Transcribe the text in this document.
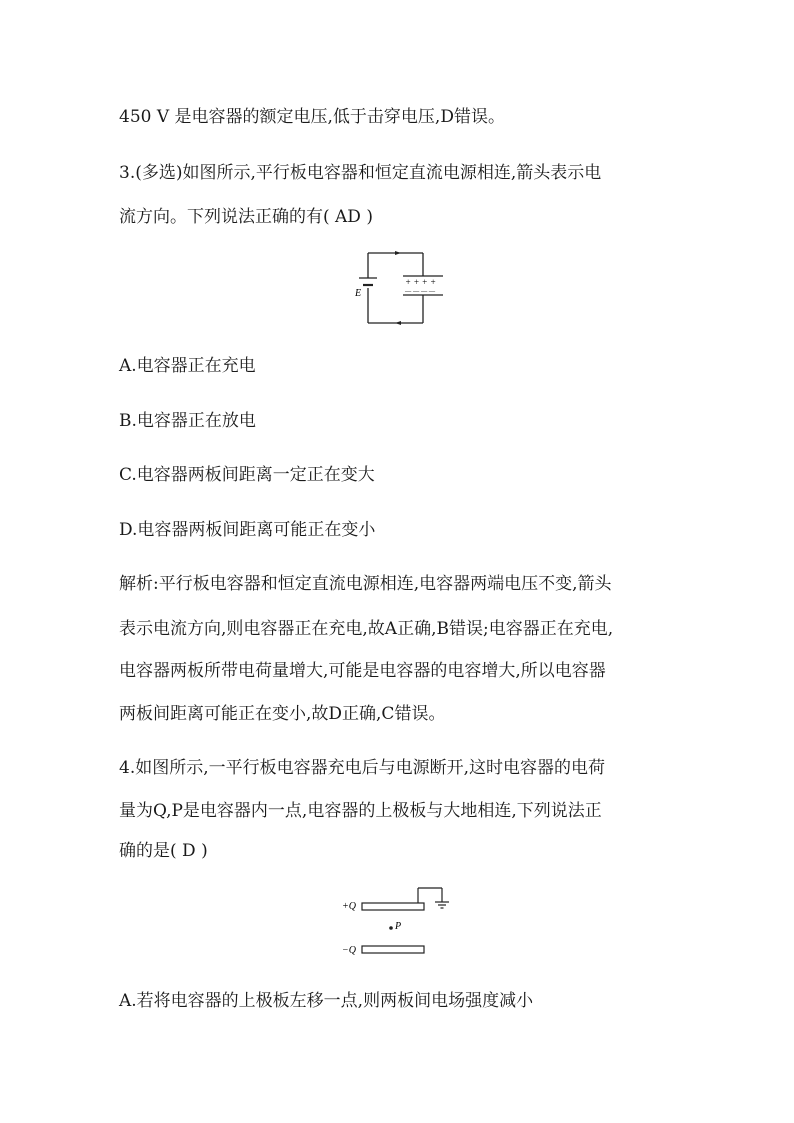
450 V 是电容器的额定电压,低于击穿电压,D错误。
3.(多选)如图所示,平行板电容器和恒定直流电源相连,箭头表示电
流方向。下列说法正确的有( AD )
E
+ + + +
— — — —
A.电容器正在充电
B.电容器正在放电
C.电容器两板间距离一定正在变大
D.电容器两板间距离可能正在变小
解析:平行板电容器和恒定直流电源相连,电容器两端电压不变,箭头
表示电流方向,则电容器正在充电,故A正确,B错误;电容器正在充电,
电容器两板所带电荷量增大,可能是电容器的电容增大,所以电容器
两板间距离可能正在变小,故D正确,C错误。
4.如图所示,一平行板电容器充电后与电源断开,这时电容器的电荷
量为Q,P是电容器内一点,电容器的上极板与大地相连,下列说法正
确的是( D )
+Q
−Q
P
A.若将电容器的上极板左移一点,则两板间电场强度减小
